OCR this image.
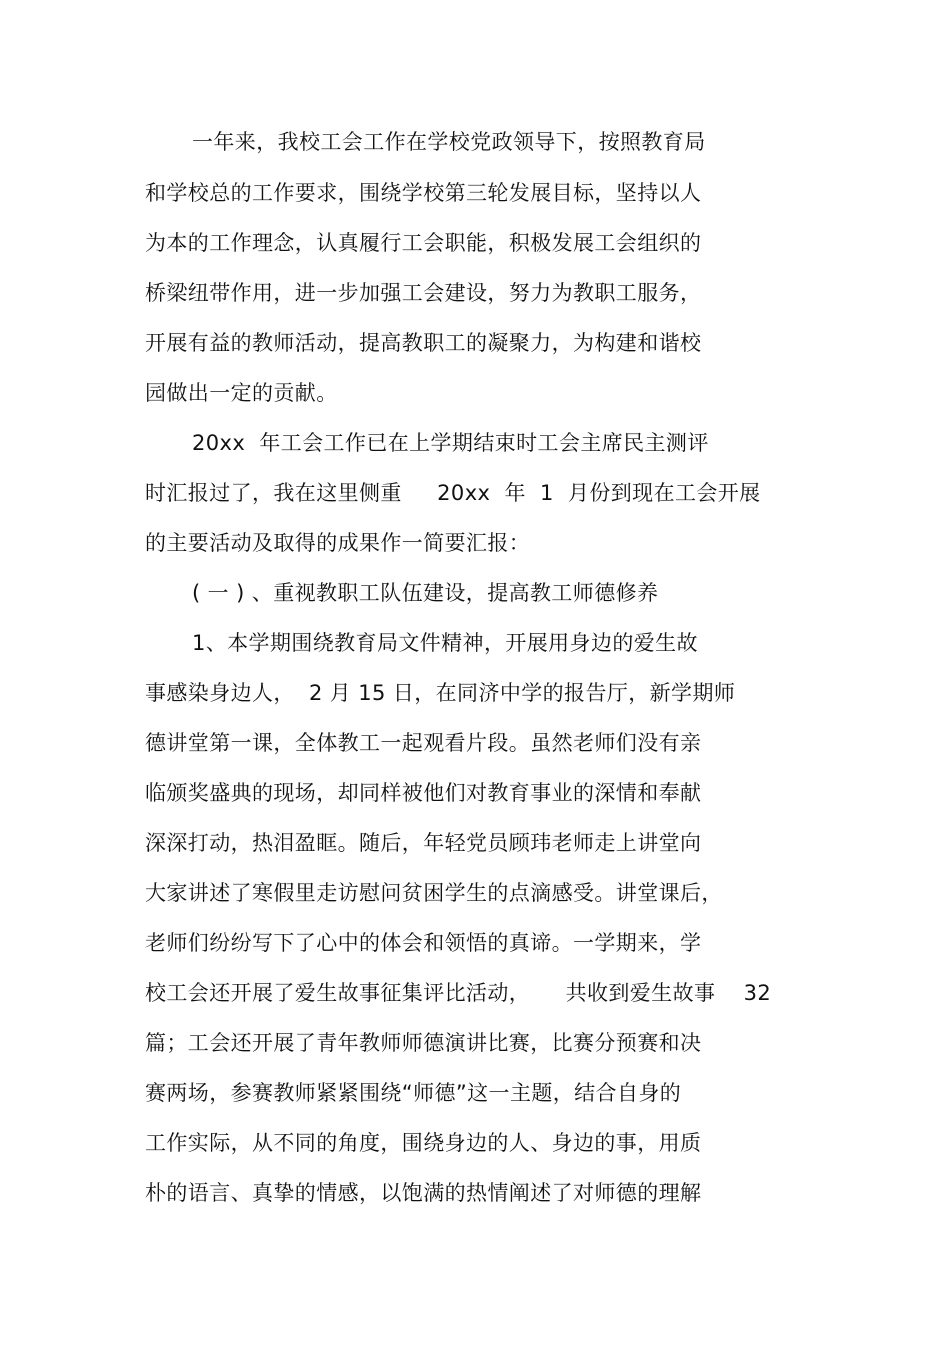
一年来，我校工会工作在学校党政领导下，按照教育局
和学校总的工作要求，围绕学校第三轮发展目标，坚持以人
为本的工作理念，认真履行工会职能，积极发展工会组织的
桥梁纽带作用，进一步加强工会建设，努力为教职工服务，
开展有益的教师活动，提高教职工的凝聚力，为构建和谐校
园做出一定的贡献。
20xx  年工会工作已在上学期结束时工会主席民主测评
时汇报过了，我在这里侧重     20xx  年  1  月份到现在工会开展
的主要活动及取得的成果作一简要汇报：
( 一 ) 、重视教职工队伍建设，提高教工师德修养
1、本学期围绕教育局文件精神，开展用身边的爱生故
事感染身边人，  2 月 15 日，在同济中学的报告厅，新学期师
德讲堂第一课，全体教工一起观看片段。虽然老师们没有亲
临颁奖盛典的现场，却同样被他们对教育事业的深情和奉献
深深打动，热泪盈眶。随后，年轻党员顾玮老师走上讲堂向
大家讲述了寒假里走访慰问贫困学生的点滴感受。讲堂课后，
老师们纷纷写下了心中的体会和领悟的真谛。一学期来，学
校工会还开展了爱生故事征集评比活动，     共收到爱生故事    32
篇；工会还开展了青年教师师德演讲比赛，比赛分预赛和决
赛两场，参赛教师紧紧围绕“师德”这一主题，结合自身的
工作实际，从不同的角度，围绕身边的人、身边的事，用质
朴的语言、真挚的情感，以饱满的热情阐述了对师德的理解
